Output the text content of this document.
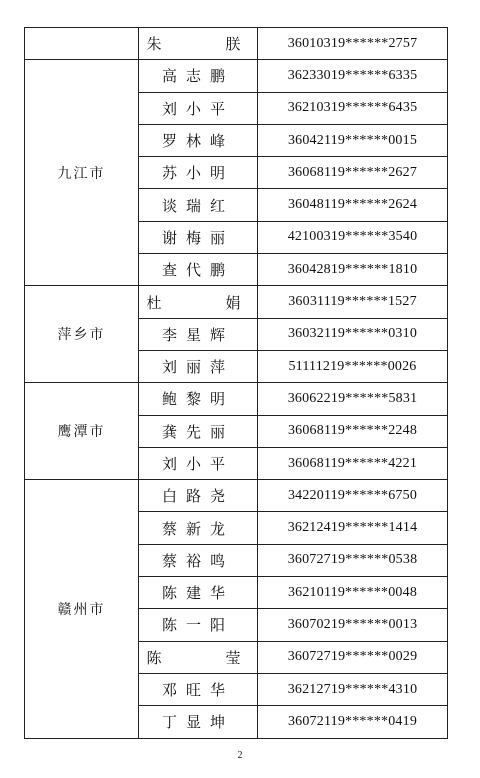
	朱    朕	36010319******2757
九江市	高志鹏	36233019******6335
	刘小平	36210319******6435
	罗林峰	36042119******0015
	苏小明	36068119******2627
	谈瑞红	36048119******2624
	谢梅丽	42100319******3540
	查代鹏	36042819******1810
萍乡市	杜    娟	36031119******1527
	李星辉	36032119******0310
	刘丽萍	51111219******0026
鹰潭市	鲍黎明	36062219******5831
	龚先丽	36068119******2248
	刘小平	36068119******4221
赣州市	白路尧	34220119******6750
	蔡新龙	36212419******1414
	蔡裕鸣	36072719******0538
	陈建华	36210119******0048
	陈一阳	36070219******0013
	陈    莹	36072719******0029
	邓旺华	36212719******4310
	丁显坤	36072119******0419
2
